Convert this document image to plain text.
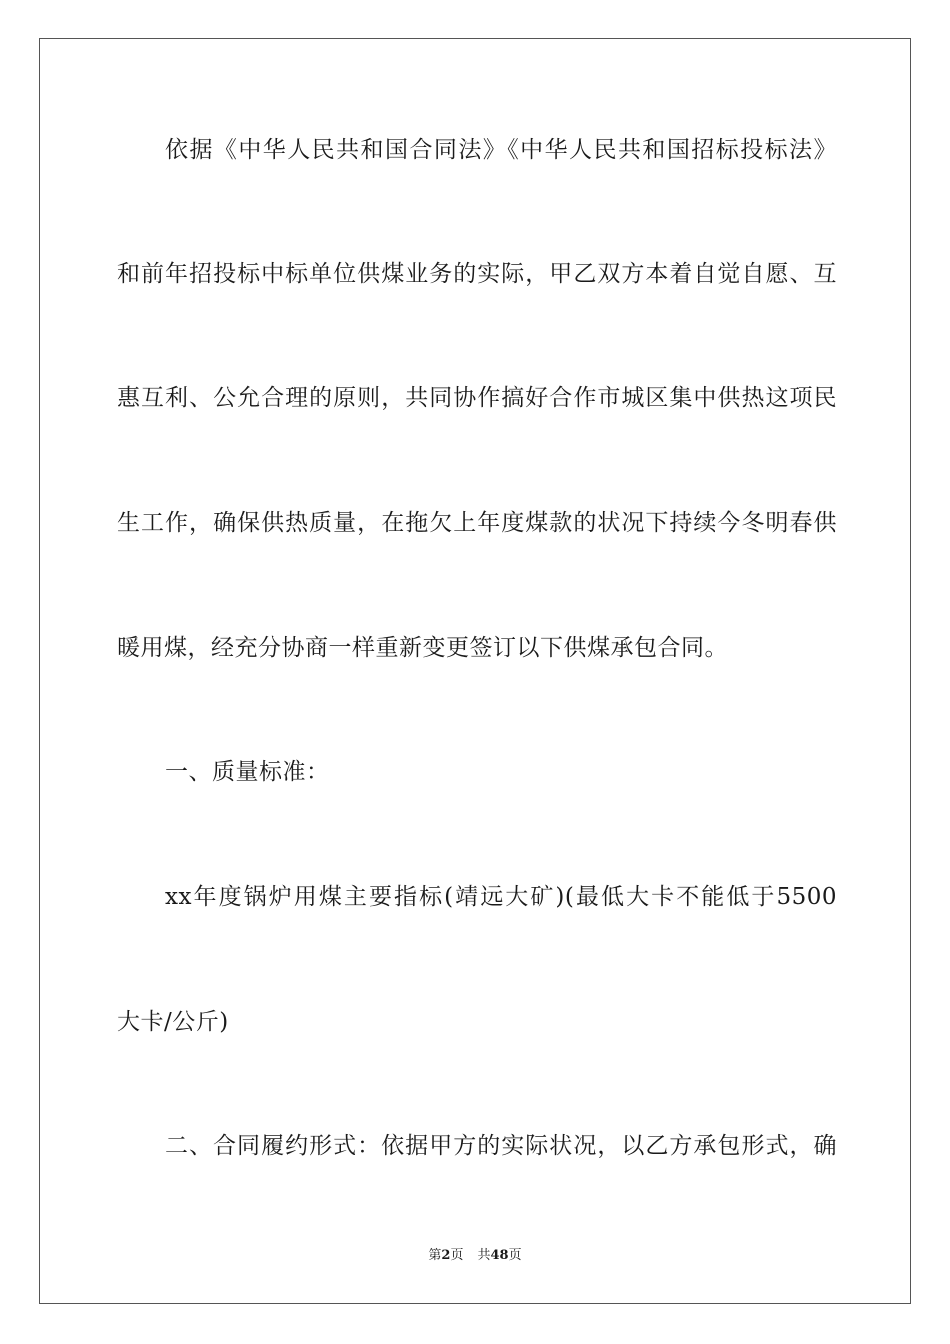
依据《中华人民共和国合同法》《中华人民共和国招标投标法》
和前年招投标中标单位供煤业务的实际，甲乙双方本着自觉自愿、互
惠互利、公允合理的原则，共同协作搞好合作市城区集中供热这项民
生工作，确保供热质量，在拖欠上年度煤款的状况下持续今冬明春供
暖用煤，经充分协商一样重新变更签订以下供煤承包合同。
一、质量标准：
xx年度锅炉用煤主要指标(靖远大矿)(最低大卡不能低于5500
大卡/公斤)
二、合同履约形式：依据甲方的实际状况，以乙方承包形式，确
第2页 共48页
